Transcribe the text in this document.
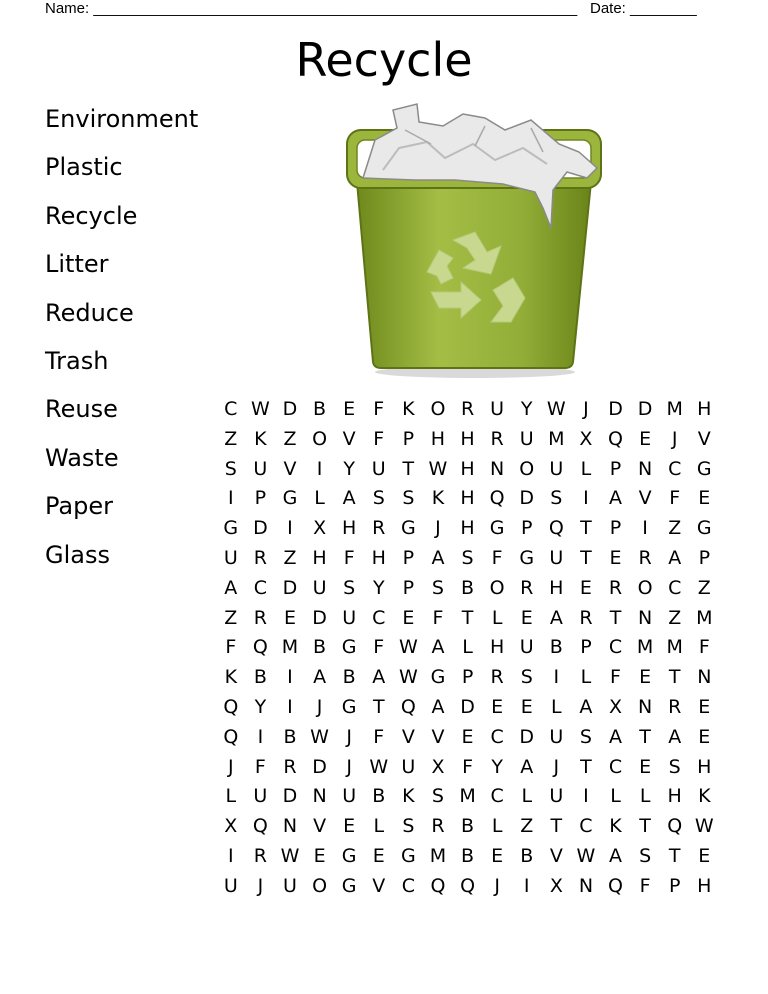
Name: __________________________________________________________ Date: ________
Recycle
Environment
Plastic
Recycle
Litter
Reduce
Trash
Reuse
Waste
Paper
Glass
C W D B E F K O R U Y W J	D D M H
Z K Z O V F P H H R U M X Q E	J	V
S U V	I	Y U T W H N O U L P N C G
I	P G L A S S K H Q D S	I	A V F E
G D	I	X H R G	J	H G P Q T P	I	Z G
U R Z H F H P A S F G U T E R A P
A C D U S Y P S B O R H E R O C Z
Z R E D U C E F T L E A R T N Z M
F Q M B G F W A L H U B P C M M F
K B	I	A B A W G P R S	I	L F E T N
Q Y	I	J	G T Q A D E E L A X N R E
Q	I	B W J	F V V E C D U S A T A E
J	F R D	J W U X F Y A	J	T C E S H
L U D N U B K S M C L U	I	L	L H K
X Q N V E L S R B L Z T C K T Q W
I	R W E G E G M B E B V W A S T E
U	J	U O G V C Q Q	J	I	X N Q F P H
